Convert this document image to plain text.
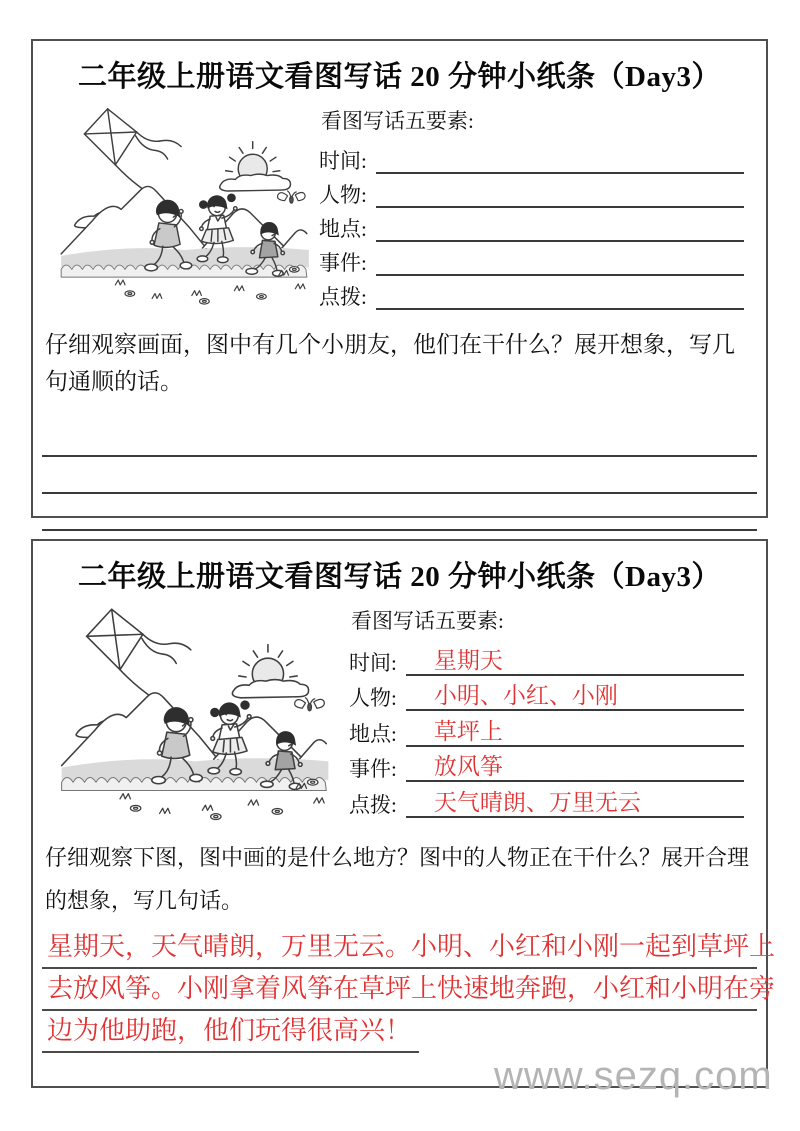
二年级上册语文看图写话 20 分钟小纸条（Day3）
看图写话五要素:
时间:
人物:
地点:
事件:
点拨:
仔细观察画面，图中有几个小朋友，他们在干什么？展开想象，写几句通顺的话。
二年级上册语文看图写话 20 分钟小纸条（Day3）
看图写话五要素:
时间:	星期天
人物:	小明、小红、小刚
地点:	草坪上
事件:	放风筝
点拨:	天气晴朗、万里无云
仔细观察下图，图中画的是什么地方？图中的人物正在干什么？展开合理的想象，写几句话。
星期天，天气晴朗，万里无云。小明、小红和小刚一起到草坪上
去放风筝。小刚拿着风筝在草坪上快速地奔跑，小红和小明在旁
边为他助跑，他们玩得很高兴！
www.sezq.com
